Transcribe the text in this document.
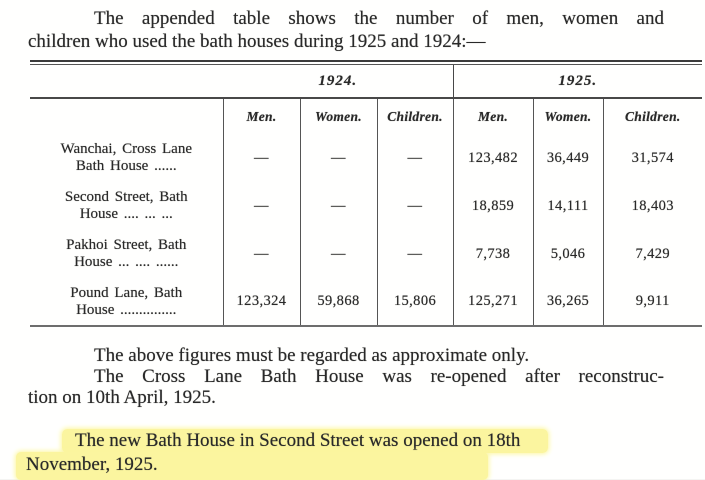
The appended table shows the number of men, women and
children who used the bath houses during 1925 and 1924:—
	1924.			1925.		
	Men.	Women.	Children.	Men.	Women.	Children.

Wanchai, Cross Lane
Bath House ......	—	—	—	123,482	36,449	31,574

Second Street, Bath
House .... ... ...	—	—	—	18,859	14,111	18,403

Pakhoi Street, Bath
House ... .... ......	—	—	—	7,738	5,046	7,429

Pound Lane, Bath
House ...............	123,324	59,868	15,806	125,271	36,265	9,911
The above figures must be regarded as approximate only.
The Cross Lane Bath House was re-opened after reconstruc-
tion on 10th April, 1925.
The new Bath House in Second Street was opened on 18th
November, 1925.
